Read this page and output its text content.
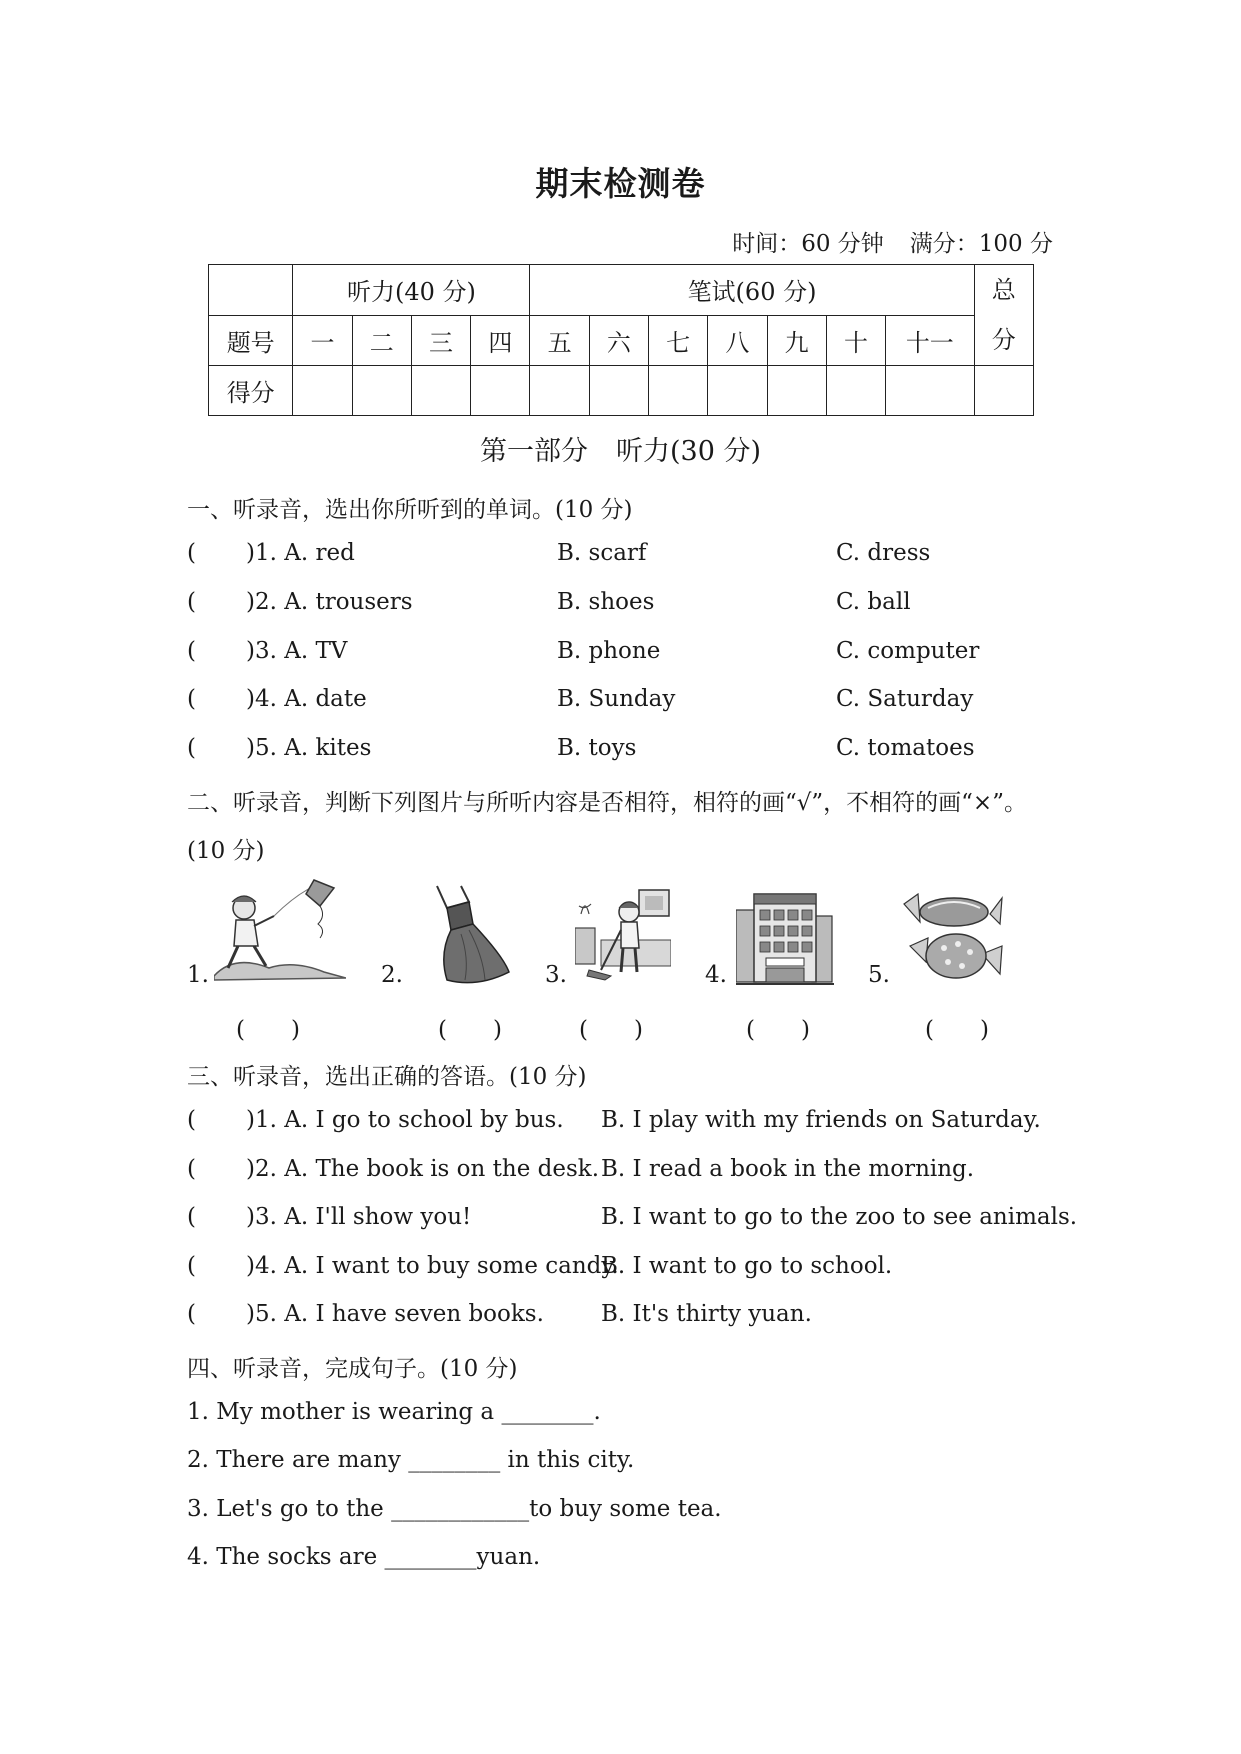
期末检测卷
时间：60 分钟 满分：100 分
	听力(40 分)				笔试(60 分)							总
分

题号	一	二	三	四	五	六	七	八	九	十	十一	
得分												
第一部分 听力(30 分)
一、听录音，选出你所听到的单词。(10 分)
( )1. A. red	B. scarf	C. dress
( )2. A. trousers	B. shoes	C. ball
( )3. A. TV	B. phone	C. computer
( )4. A. date	B. Sunday	C. Saturday
( )5. A. kites	B. toys	C. tomatoes
二、听录音，判断下列图片与所听内容是否相符，相符的画“√”，不相符的画“×”。
(10 分)
1.	2.	3.	4.	5.
(　　)	(　　)	(　　)	(　　)	(　　)
三、听录音，选出正确的答语。(10 分)
( )1. A. I go to school by bus. B. I play with my friends on Saturday.
( )2. A. The book is on the desk. B. I read a book in the morning.
( )3. A. I'll show you!	B. I want to go to the zoo to see animals.
( )4. A. I want to buy some candy.
B. I want to go to school.
( )5. A. I have seven books. B. It's thirty yuan.
四、听录音，完成句子。(10 分)
1. My mother is wearing a ________.
2. There are many ________ in this city.
3. Let's go to the ____________to buy some tea.
4. The socks are ________yuan.
